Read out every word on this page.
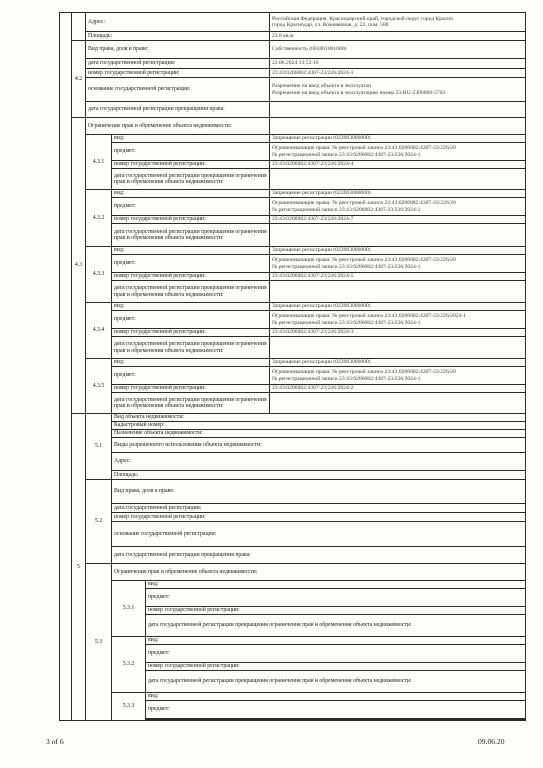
		Адрес:			Российская Федерация, Краснодарский край, городской округ город Красно
город Краснодар, ул. Кожевенная, д. 22, пом. 580	

		Площадь:			23.8 кв.м	
	4.2	Вид права, доля в праве:			Собственность (001001001000)	
		дата государственной регистрации:			22.06.2024 13:52:16	
		номер государственной регистрации:			23:43:0206082:4307-23/226/2024-1	
		основание государственной регистрации:			Разрешение на ввод объекта в эксплуатац
Разрешение на ввод объекта в эксплуатацию номер 23-RU-2306000-5703	

		дата государственной регистрации прекращения права:				
	4.3	Ограничение прав и обременение объекта недвижимости:				
		4.3.1	вид:		Запрещение регистрации (022003000000)	
			предмет:		Ограничивающие права: № реестровой записи 23:43:0206082:4307-23/226/20
№ регистрационной записи 23:43:0206082:4307-23/226/2024-1	

			номер государственной регистрации:		23:43:0206082:4307-23/226/2024-4	
			дата государственной регистрации прекращения ограничения прав и обременения объекта недвижимости:			
		4.3.2	вид:		Запрещение регистрации (022003000000)	
			предмет:		Ограничивающие права: № реестровой записи 23:43:0206082:4307-23/226/20
№ регистрационной записи 23:43:0206082:4307-23/226/2024-1	

			номер государственной регистрации:		23:43:0206082:4307-23/226/2024-7	
			дата государственной регистрации прекращения ограничения прав и обременения объекта недвижимости:			
		4.3.3	вид:		Запрещение регистрации (022003000000)	
			предмет:		Ограничивающие права: № реестровой записи 23:43:0206082:4307-23/226/20
№ регистрационной записи 23:43:0206082:4307-23/226/2024-1	

			номер государственной регистрации:		23:43:0206082:4307-23/226/2024-5	
			дата государственной регистрации прекращения ограничения прав и обременения объекта недвижимости:			
		4.3.4	вид:		Запрещение регистрации (022003000000)	
			предмет:		Ограничивающие права: № реестровой записи 23:43:0206082:4307-23/226/2024-1
№ регистрационной записи 23:43:0206082:4307-23/226/2024-1	

			номер государственной регистрации:		23:43:0206082:4307-23/226/2024-3	
			дата государственной регистрации прекращения ограничения прав и обременения объекта недвижимости:			
		4.3.5	вид:		Запрещение регистрации (022003000000)	
			предмет:		Ограничивающие права: № реестровой записи 23:43:0206082:4307-23/226/20
№ регистрационной записи 23:43:0206082:4307-23/226/2024-1	

			номер государственной регистрации:		23:43:0206082:4307-23/226/2024-2	
			дата государственной регистрации прекращения ограничения прав и обременения объекта недвижимости:			
	5	5.1	Вид объекта недвижимости:	
			Кадастровый номер:	
			Назначение объекта недвижимости:			
			Виды разрешенного использования объекта недвижимости:			
			Адрес:	

			Площадь:	
		5.2	Вид права, доля в праве:	
			дата государственной регистрации:	
			номер государственной регистрации:	
			основание государственной регистрации:	

			дата государственной регистрации прекращения права:			
		5.3	Ограничение прав и обременение объекта недвижимости:			
			5.3.1	вид:	
				предмет:	

				номер государственной регистрации:	
				дата государственной регистрации прекращения ограничения прав и обременения объекта недвижимости:		
			5.3.2	вид:	
				предмет:	

				номер государственной регистрации:	
				дата государственной регистрации прекращения ограничения прав и обременения объекта недвижимости:		
			5.3.3	вид:	
				предмет:	

3 of 6	09.06.20
